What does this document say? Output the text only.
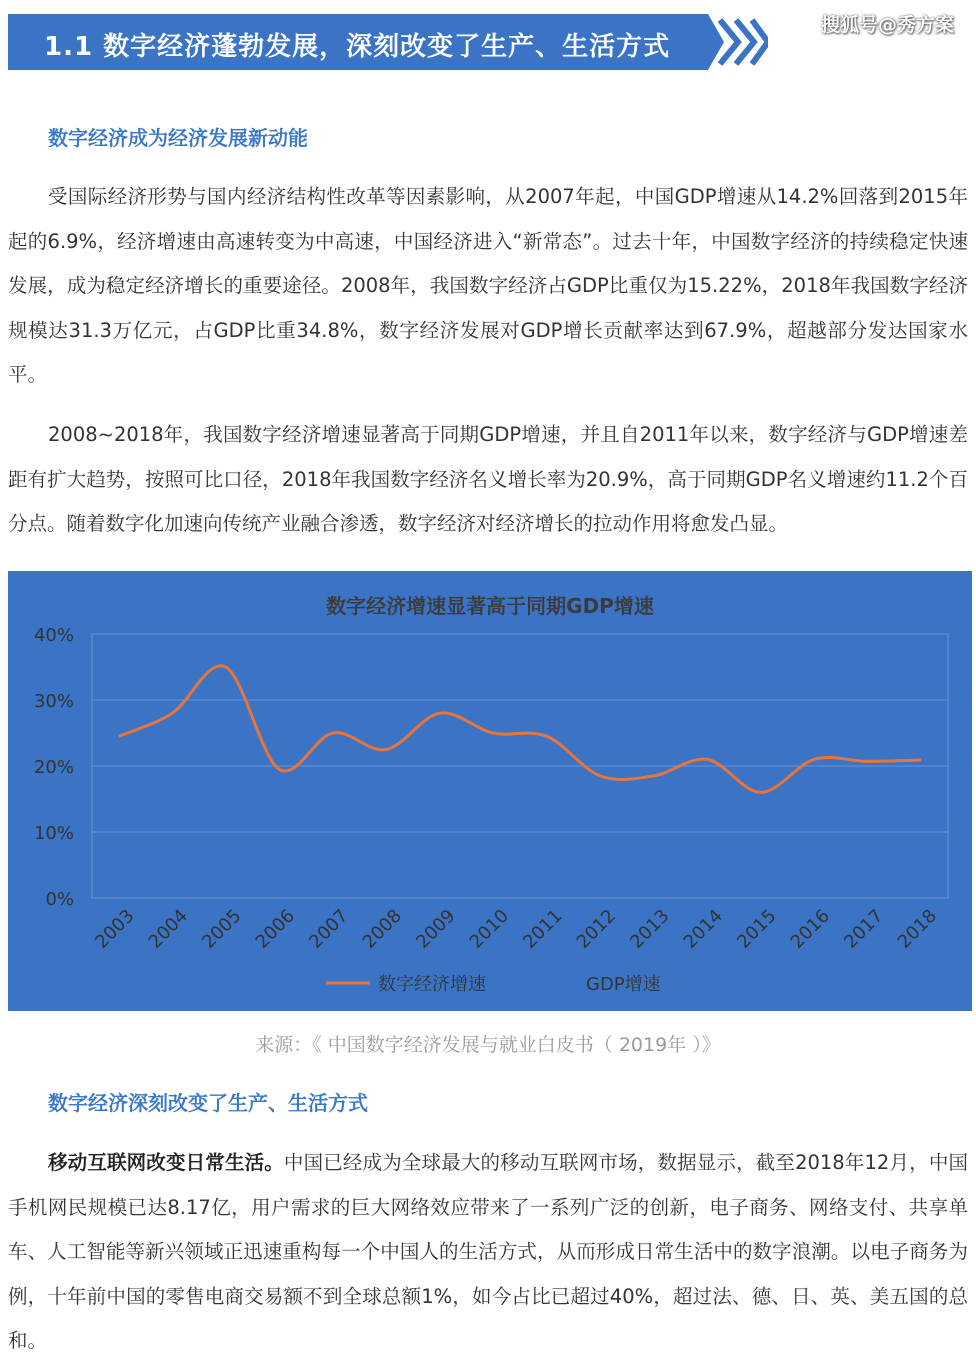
1.1 数字经济蓬勃发展，深刻改变了生产、生活方式
搜狐号@秀方案
数字经济成为经济发展新动能

受国际经济形势与国内经济结构性改革等因素影响，从2007年起，中国GDP增速从14.2%回落到2015年起的6.9%，经济增速由高速转变为中高速，中国经济进入“新常态”。过去十年，中国数字经济的持续稳定快速发展，成为稳定经济增长的重要途径。2008年，我国数字经济占GDP比重仅为15.22%，2018年我国数字经济规模达31.3万亿元，占GDP比重34.8%，数字经济发展对GDP增长贡献率达到67.9%，超越部分发达国家水平。

2008~2018年，我国数字经济增速显著高于同期GDP增速，并且自2011年以来，数字经济与GDP增速差距有扩大趋势，按照可比口径，2018年我国数字经济名义增长率为20.9%，高于同期GDP名义增速约11.2个百分点。随着数字化加速向传统产业融合渗透，数字经济对经济增长的拉动作用将愈发凸显。

数字经济增速显著高于同期GDP增速
0%
10%
20%
30%
40%
2003 2004 2005 2006 2007 2008 2009 2010 2011 2012 2013 2014 2015 2016 2017 2018
数字经济增速	GDP增速
来源：《 中国数字经济发展与就业白皮书（ 2019年 ）》
数字经济深刻改变了生产、生活方式

移动互联网改变日常生活。中国已经成为全球最大的移动互联网市场，数据显示，截至2018年12月，中国手机网民规模已达8.17亿，用户需求的巨大网络效应带来了一系列广泛的创新，电子商务、网络支付、共享单车、人工智能等新兴领域正迅速重构每一个中国人的生活方式，从而形成日常生活中的数字浪潮。以电子商务为例，十年前中国的零售电商交易额不到全球总额1%，如今占比已超过40%，超过法、德、日、英、美五国的总和。
